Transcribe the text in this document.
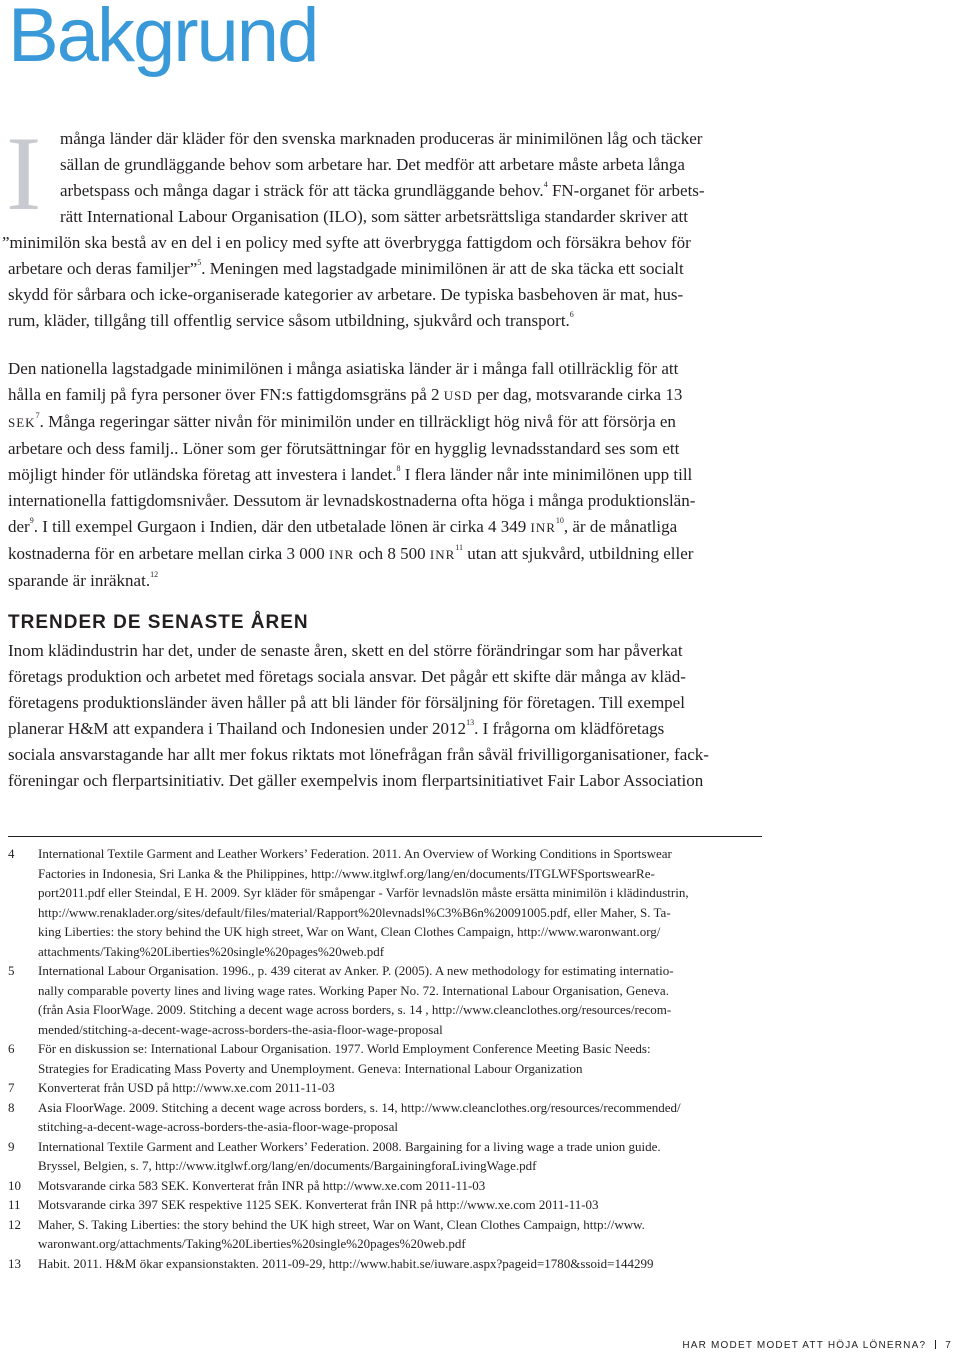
Bakgrund
I	många länder där kläder för den svenska marknaden produceras är minimilönen låg och täcker
sällan de grundläggande behov som arbetare har. Det medför att arbetare måste arbeta långa
arbetspass och många dagar i sträck för att täcka grundläggande behov.$^4$ FN-organet för arbets-
rätt International Labour Organisation (ILO), som sätter arbetsrättsliga standarder skriver att
”minimilön ska bestå av en del i en policy med syfte att överbrygga fattigdom och försäkra behov för
arbetare och deras familjer”$^5$. Meningen med lagstadgade minimilönen är att de ska täcka ett socialt
skydd för sårbara och icke-organiserade kategorier av arbetare. De typiska basbehoven är mat, hus-
rum, kläder, tillgång till offentlig service såsom utbildning, sjukvård och transport.$^6$
Den nationella lagstadgade minimilönen i många asiatiska länder är i många fall otillräcklig för att
hålla en familj på fyra personer över FN:s fattigdomsgräns på 2 USD per dag, motsvarande cirka 13
SEK$^7$. Många regeringar sätter nivån för minimilön under en tillräckligt hög nivå för att försörja en
arbetare och dess familj.. Löner som ger förutsättningar för en hygglig levnadsstandard ses som ett
möjligt hinder för utländska företag att investera i landet.$^8$ I flera länder når inte minimilönen upp till
internationella fattigdomsnivåer. Dessutom är levnadskostnaderna ofta höga i många produktionslän-
der$^9$. I till exempel Gurgaon i Indien, där den utbetalade lönen är cirka 4 349 INR$^{10}$, är de månatliga
kostnaderna för en arbetare mellan cirka 3 000 INR och 8 500 INR$^{11}$ utan att sjukvård, utbildning eller
sparande är inräknat.$^{12}$
TRENDER DE SENASTE ÅREN
Inom klädindustrin har det, under de senaste åren, skett en del större förändringar som har påverkat
företags produktion och arbetet med företags sociala ansvar. Det pågår ett skifte där många av kläd-
företagens produktionsländer även håller på att bli länder för försäljning för företagen. Till exempel
planerar H&M att expandera i Thailand och Indonesien under 2012$^{13}$. I frågorna om klädföretags
sociala ansvarstagande har allt mer fokus riktats mot lönefrågan från såväl frivilligorganisationer, fack-
föreningar och flerpartsinitiativ. Det gäller exempelvis inom flerpartsinitiativet Fair Labor Association
4	International Textile Garment and Leather Workers’ Federation. 2011. An Overview of Working Conditions in Sportswear
Factories in Indonesia, Sri Lanka & the Philippines, http://www.itglwf.org/lang/en/documents/ITGLWFSportswearRe-
port2011.pdf eller Steindal, E H. 2009. Syr kläder för småpengar - Varför levnadslön måste ersätta minimilön i klädindustrin,
http://www.renaklader.org/sites/default/files/material/Rapport%20levnadsl%C3%B6n%20091005.pdf, eller Maher, S. Ta-
king Liberties: the story behind the UK high street, War on Want, Clean Clothes Campaign, http://www.waronwant.org/
attachments/Taking%20Liberties%20single%20pages%20web.pdf
5	International Labour Organisation. 1996., p. 439 citerat av Anker. P. (2005). A new methodology for estimating internatio-
nally comparable poverty lines and living wage rates. Working Paper No. 72. International Labour Organisation, Geneva.
(från Asia FloorWage. 2009. Stitching a decent wage across borders, s. 14 , http://www.cleanclothes.org/resources/recom-
mended/stitching-a-decent-wage-across-borders-the-asia-floor-wage-proposal
6	För en diskussion se: International Labour Organisation. 1977. World Employment Conference Meeting Basic Needs:
Strategies for Eradicating Mass Poverty and Unemployment. Geneva: International Labour Organization
7	Konverterat från USD på http://www.xe.com 2011-11-03
8	Asia FloorWage. 2009. Stitching a decent wage across borders, s. 14, http://www.cleanclothes.org/resources/recommended/
stitching-a-decent-wage-across-borders-the-asia-floor-wage-proposal
9	International Textile Garment and Leather Workers’ Federation. 2008. Bargaining for a living wage a trade union guide.
Bryssel, Belgien, s. 7, http://www.itglwf.org/lang/en/documents/BargainingforaLivingWage.pdf
10	Motsvarande cirka 583 SEK. Konverterat från INR på http://www.xe.com 2011-11-03
11	Motsvarande cirka 397 SEK respektive 1125 SEK. Konverterat från INR på http://www.xe.com 2011-11-03
12	Maher, S. Taking Liberties: the story behind the UK high street, War on Want, Clean Clothes Campaign, http://www.
waronwant.org/attachments/Taking%20Liberties%20single%20pages%20web.pdf
13	Habit. 2011. H&M ökar expansionstakten. 2011-09-29, http://www.habit.se/iuware.aspx?pageid=1780&ssoid=144299
HAR MODET MODET ATT HÖJA LÖNERNA? 7
